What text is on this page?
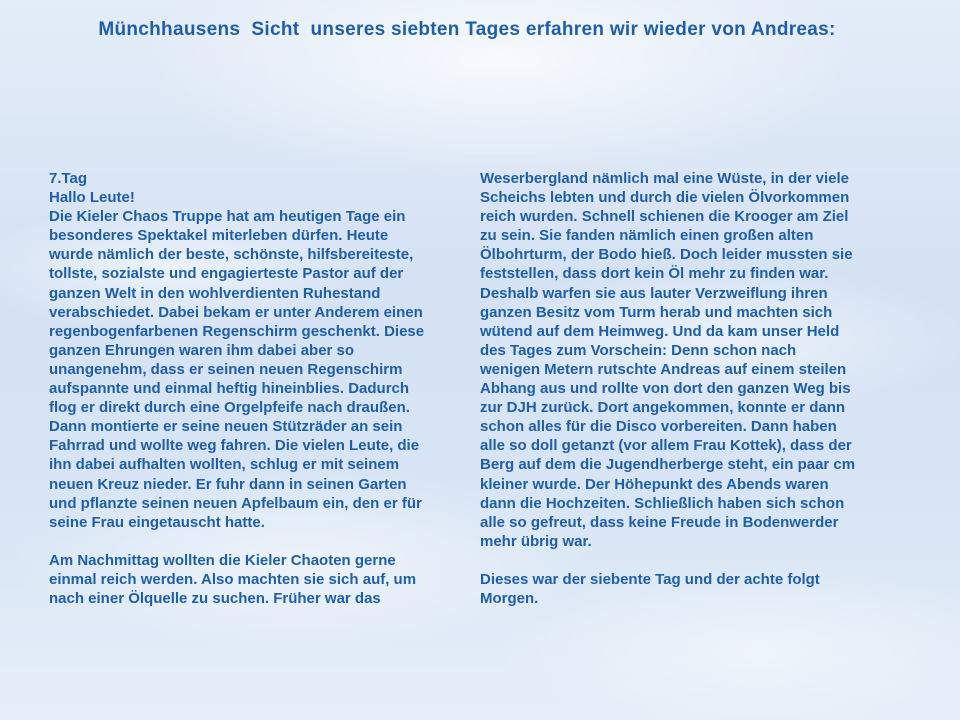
Münchhausens  Sicht  unseres siebten Tages erfahren wir wieder von Andreas:
7.Tag
Hallo Leute!
Die Kieler Chaos Truppe hat am heutigen Tage ein
besonderes Spektakel miterleben dürfen. Heute
wurde nämlich der beste, schönste, hilfsbereiteste,
tollste, sozialste und engagierteste Pastor auf der
ganzen Welt in den wohlverdienten Ruhestand
verabschiedet. Dabei bekam er unter Anderem einen
regenbogenfarbenen Regenschirm geschenkt. Diese
ganzen Ehrungen waren ihm dabei aber so
unangenehm, dass er seinen neuen Regenschirm
aufspannte und einmal heftig hineinblies. Dadurch
flog er direkt durch eine Orgelpfeife nach draußen.
Dann montierte er seine neuen Stützräder an sein
Fahrrad und wollte weg fahren. Die vielen Leute, die
ihn dabei aufhalten wollten, schlug er mit seinem
neuen Kreuz nieder. Er fuhr dann in seinen Garten
und pflanzte seinen neuen Apfelbaum ein, den er für
seine Frau eingetauscht hatte.
Am Nachmittag wollten die Kieler Chaoten gerne
einmal reich werden. Also machten sie sich auf, um
nach einer Ölquelle zu suchen. Früher war das
Weserbergland nämlich mal eine Wüste, in der viele
Scheichs lebten und durch die vielen Ölvorkommen
reich wurden. Schnell schienen die Krooger am Ziel
zu sein. Sie fanden nämlich einen großen alten
Ölbohrturm, der Bodo hieß. Doch leider mussten sie
feststellen, dass dort kein Öl mehr zu finden war.
Deshalb warfen sie aus lauter Verzweiflung ihren
ganzen Besitz vom Turm herab und machten sich
wütend auf dem Heimweg. Und da kam unser Held
des Tages zum Vorschein: Denn schon nach
wenigen Metern rutschte Andreas auf einem steilen
Abhang aus und rollte von dort den ganzen Weg bis
zur DJH zurück. Dort angekommen, konnte er dann
schon alles für die Disco vorbereiten. Dann haben
alle so doll getanzt (vor allem Frau Kottek), dass der
Berg auf dem die Jugendherberge steht, ein paar cm
kleiner wurde. Der Höhepunkt des Abends waren
dann die Hochzeiten. Schließlich haben sich schon
alle so gefreut, dass keine Freude in Bodenwerder
mehr übrig war.
Dieses war der siebente Tag und der achte folgt
Morgen.
